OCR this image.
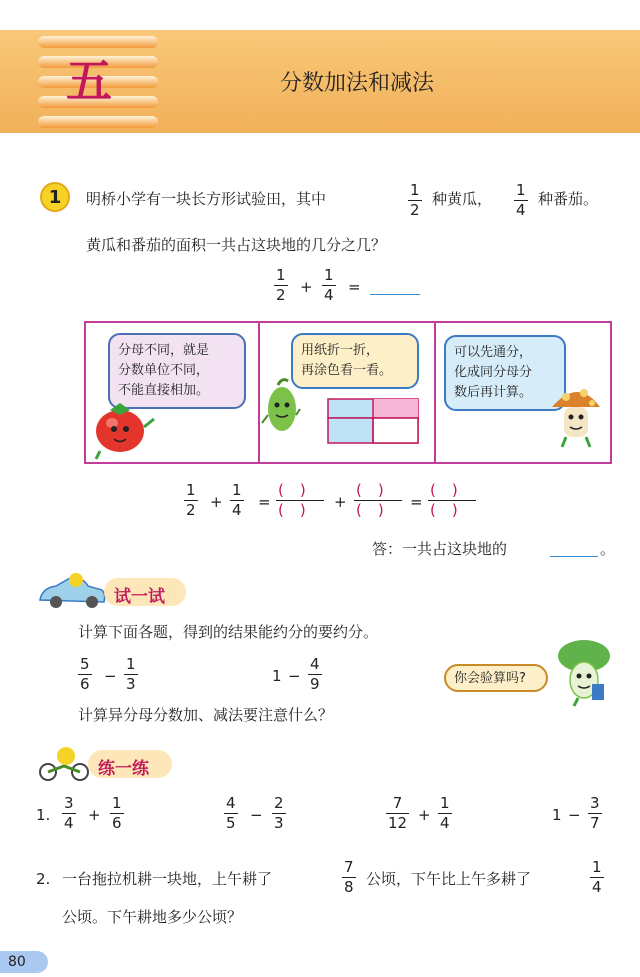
五	分数加法和减法
1	明桥小学有一块长方形试验田，其中	1
2
种黄瓜， 1
4
种番茄。
黄瓜和番茄的面积一共占这块地的几分之几？
1
2 +
1
4 =
分母不同，就是
分数单位不同，
不能直接相加。
用纸折一折，
再涂色看一看。
可以先通分，
化成同分母分
数后再计算。
1
2 +
1
4 =
()
() +
()
() =
()
()
答：一共占这块地的	。
试一试
计算下面各题，得到的结果能约分的要约分。
5
6 −
1
3	1 −
4
9	你会验算吗?
计算异分母分数加、减法要注意什么？
练一练
1.
3
4 +
1
6
4
5 −
2
3
7
12 +
1
4	1 −
3
7
2. 一台拖拉机耕一块地，上午耕了
7
8 公顷，下午比上午多耕了
1
4
公顷。下午耕地多少公顷？
80
